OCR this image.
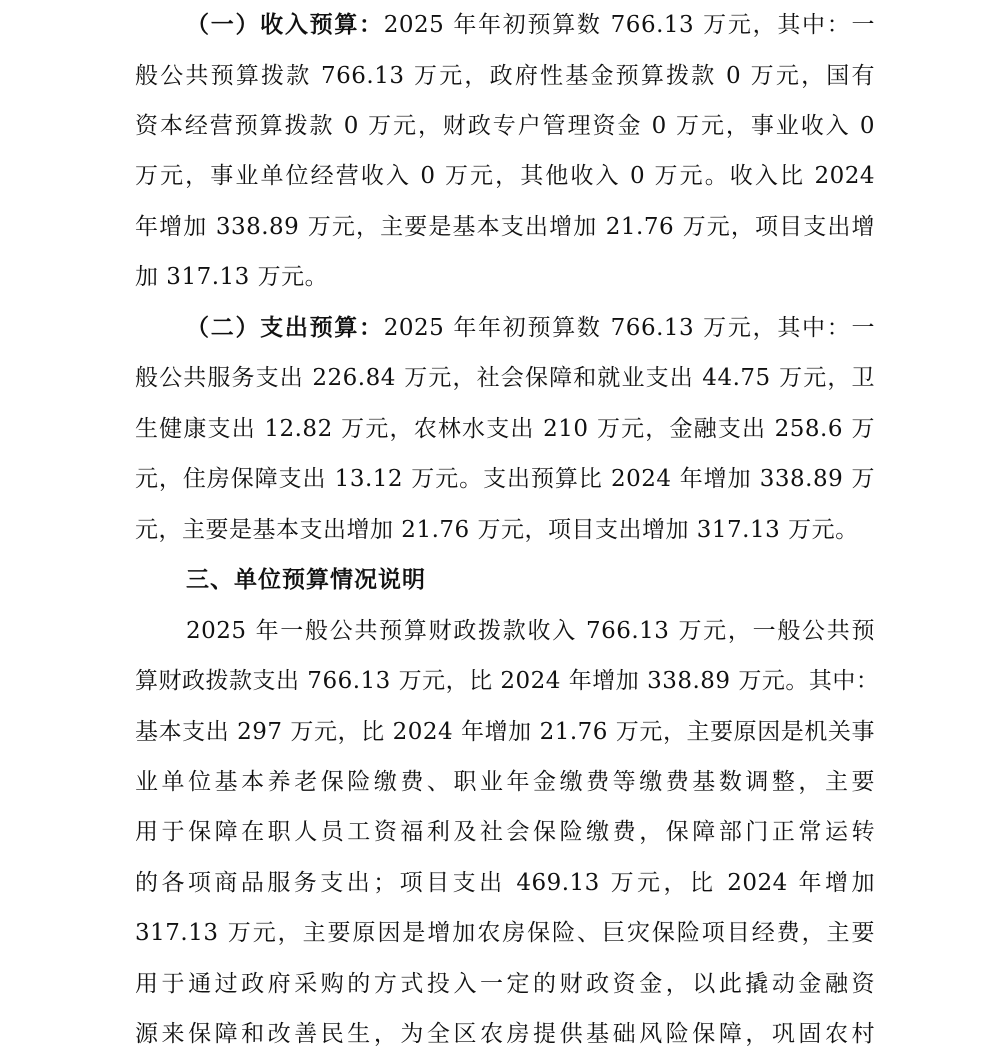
（一）收入预算：2025 年年初预算数 766.13 万元，其中：一
般公共预算拨款 766.13 万元，政府性基金预算拨款 0 万元，国有
资本经营预算拨款 0 万元，财政专户管理资金 0 万元，事业收入 0
万元，事业单位经营收入 0 万元，其他收入 0 万元。收入比 2024
年增加 338.89 万元，主要是基本支出增加 21.76 万元，项目支出增
加 317.13 万元。
（二）支出预算：2025 年年初预算数 766.13 万元，其中：一
般公共服务支出 226.84 万元，社会保障和就业支出 44.75 万元，卫
生健康支出 12.82 万元，农林水支出 210 万元，金融支出 258.6 万
元，住房保障支出 13.12 万元。支出预算比 2024 年增加 338.89 万
元，主要是基本支出增加 21.76 万元，项目支出增加 317.13 万元。
三、单位预算情况说明
2025 年一般公共预算财政拨款收入 766.13 万元，一般公共预
算财政拨款支出 766.13 万元，比 2024 年增加 338.89 万元。其中：
基本支出 297 万元，比 2024 年增加 21.76 万元，主要原因是机关事
业单位基本养老保险缴费、职业年金缴费等缴费基数调整，主要
用于保障在职人员工资福利及社会保险缴费，保障部门正常运转
的各项商品服务支出；项目支出 469.13 万元，比 2024 年增加
317.13 万元，主要原因是增加农房保险、巨灾保险项目经费，主要
用于通过政府采购的方式投入一定的财政资金，以此撬动金融资
源来保障和改善民生，为全区农房提供基础风险保障，巩固农村
